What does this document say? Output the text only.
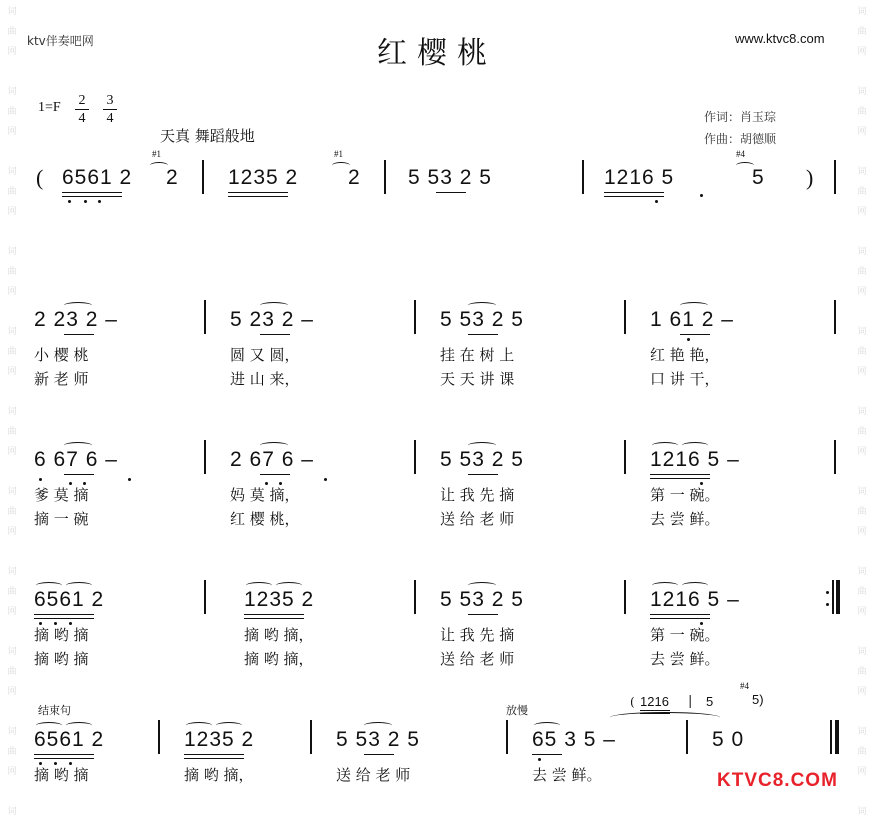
词
曲
网
词
曲
网
词
曲
网
词
曲
网
词
曲
网
词
曲
网
词
曲
网
词
曲
网
词
曲
网
词
曲
网
词
词
曲
网
词
曲
网
词
曲
网
词
曲
网
词
曲
网
词
曲
网
词
曲
网
词
曲
网
词
曲
网
词
曲
网
词
ktv伴奏吧网	红樱桃	www.ktvc8.com
1=F 2
4
3
4
天真 舞蹈般地
作词：肖玉琮
作曲：胡德顺
( 6561 2
#1
2 1235 2
#1
2 5 53 2 5	1216 5
#4
5 )
2 23 2 –	5 23 2 –	5 53 2 5	1 61 2 –
小 樱 桃	圆 又 圆，	挂 在 树 上	红 艳 艳，
新 老 师	进 山 来，	天 天 讲 课	口 讲 干，
6 67 6 –	2 67 6 –	5 53 2 5	1216 5 –
爹 莫 摘	妈 莫 摘，	让 我 先 摘	第 一 碗。
摘 一 碗	红 樱 桃，	送 给 老 师	去 尝 鲜。
6561 2	1235 2	5 53 2 5	1216 5 –
摘 哟 摘	摘 哟 摘，	让 我 先 摘	第 一 碗。
摘 哟 摘	摘 哟 摘，	送 给 老 师	去 尝 鲜。
结束句	放慢
( 1216 | 5
#4
5)
6561 2	1235 2	5 53 2 5	65 3 5 –	5 0
摘 哟 摘	摘 哟 摘，	送 给 老 师	去 尝 鲜。	KTVC8.COM
